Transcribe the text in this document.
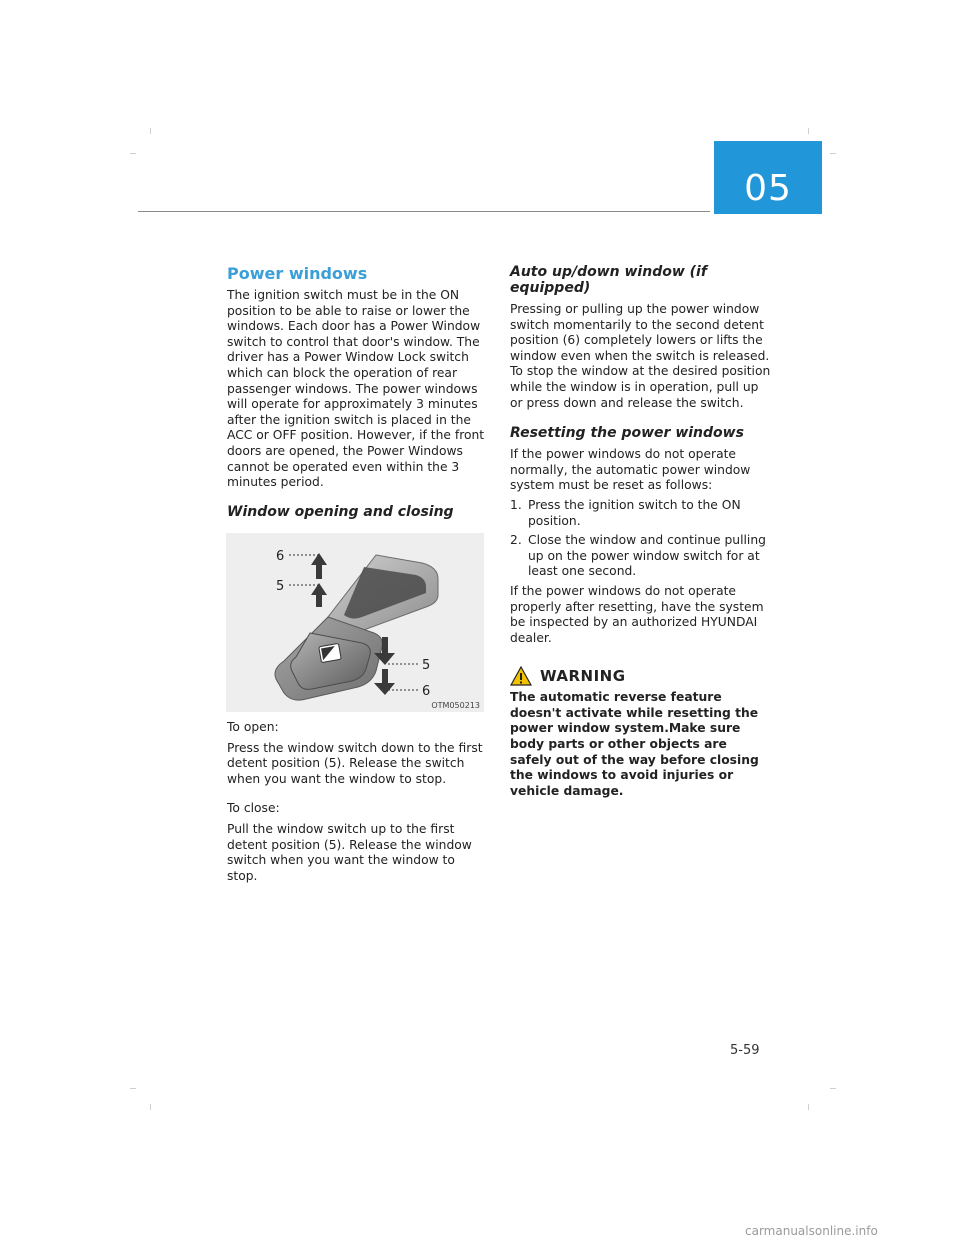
05
Power windows

The ignition switch must be in the ON position to be able to raise or lower the windows. Each door has a Power Window switch to control that door's window. The driver has a Power Window Lock switch which can block the operation of rear passenger windows. The power windows will operate for approximately 3 minutes after the ignition switch is placed in the ACC or OFF position. However, if the front doors are opened, the Power Windows cannot be operated even within the 3 minutes period.

Window opening and closing
6
5
5
6
OTM050213

To open:

Press the window switch down to the first detent position (5). Release the switch when you want the window to stop.

To close:

Pull the window switch up to the first detent position (5). Release the window switch when you want the window to stop.

Auto up/down window (if equipped)

Pressing or pulling up the power window switch momentarily to the second detent position (6) completely lowers or lifts the window even when the switch is released. To stop the window at the desired position while the window is in operation, pull up or press down and release the switch.

Resetting the power windows

If the power windows do not operate normally, the automatic power window system must be reset as follows:

1. Press the ignition switch to the ON position.
2. Close the window and continue pulling up on the power window switch for at least one second.

If the power windows do not operate properly after resetting, have the system be inspected by an authorized HYUNDAI dealer.

WARNING
The automatic reverse feature doesn't activate while resetting the power window system.Make sure body parts or other objects are safely out of the way before closing the windows to avoid injuries or vehicle damage.
5-59
carmanualsonline.info
